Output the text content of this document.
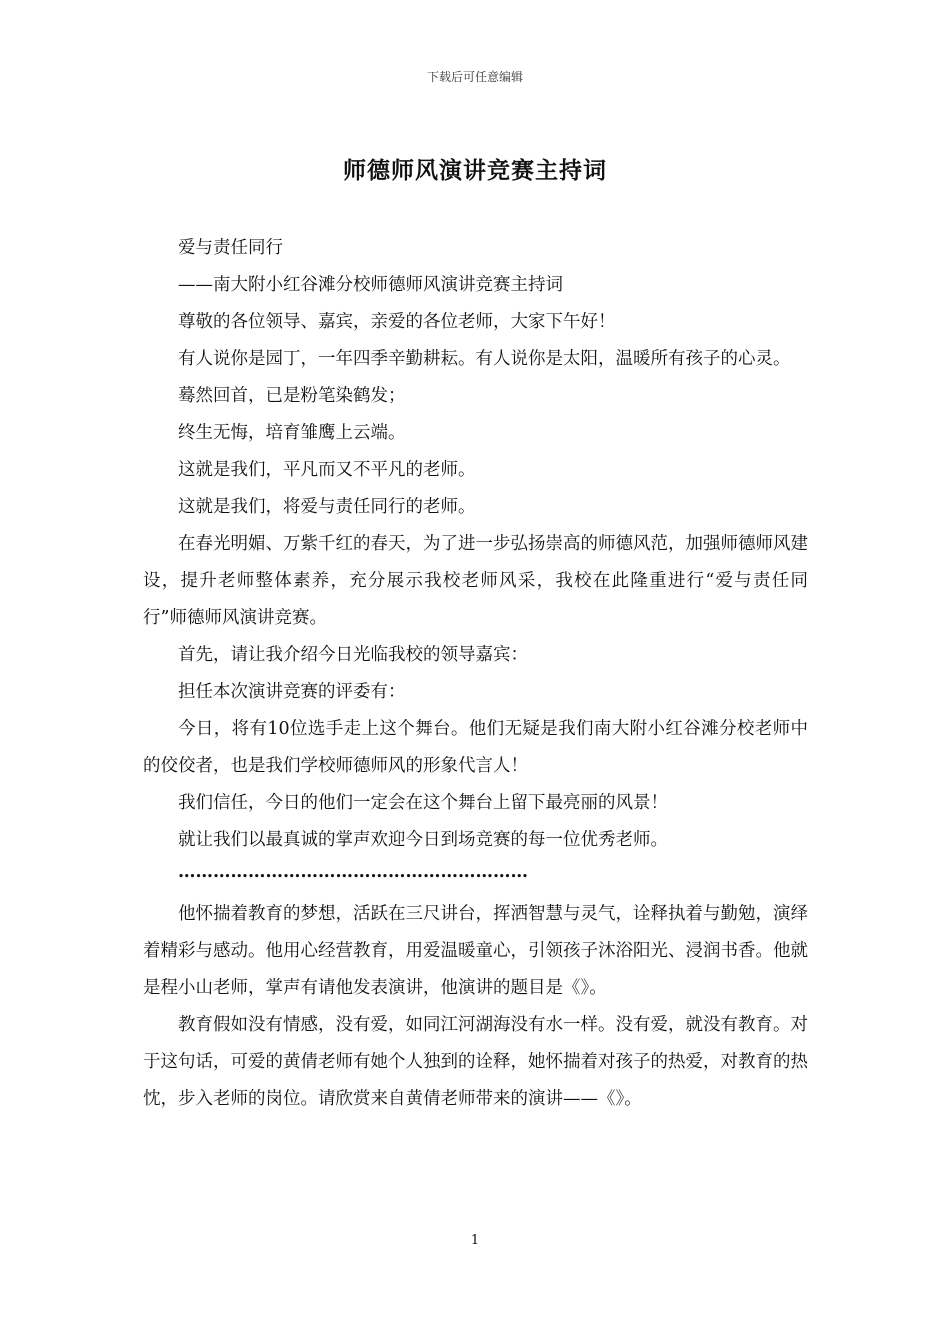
下载后可任意编辑
师德师风演讲竞赛主持词

爱与责任同行

——南大附小红谷滩分校师德师风演讲竞赛主持词

尊敬的各位领导、嘉宾，亲爱的各位老师，大家下午好！

有人说你是园丁，一年四季辛勤耕耘。有人说你是太阳，温暖所有孩子的心灵。

蓦然回首，已是粉笔染鹤发；

终生无悔，培育雏鹰上云端。

这就是我们，平凡而又不平凡的老师。

这就是我们，将爱与责任同行的老师。

在春光明媚、万紫千红的春天，为了进一步弘扬崇高的师德风范，加强师德师风建设，提升老师整体素养，充分展示我校老师风采，我校在此隆重进行“爱与责任同行”师德师风演讲竞赛。

首先，请让我介绍今日光临我校的领导嘉宾：

担任本次演讲竞赛的评委有：

今日，将有10位选手走上这个舞台。他们无疑是我们南大附小红谷滩分校老师中的佼佼者，也是我们学校师德师风的形象代言人！

我们信任，今日的他们一定会在这个舞台上留下最亮丽的风景！

就让我们以最真诚的掌声欢迎今日到场竞赛的每一位优秀老师。

……………………………………………………

他怀揣着教育的梦想，活跃在三尺讲台，挥洒智慧与灵气，诠释执着与勤勉，演绎着精彩与感动。他用心经营教育，用爱温暖童心，引领孩子沐浴阳光、浸润书香。他就是程小山老师，掌声有请他发表演讲，他演讲的题目是《》。

教育假如没有情感，没有爱，如同江河湖海没有水一样。没有爱，就没有教育。对于这句话，可爱的黄倩老师有她个人独到的诠释，她怀揣着对孩子的热爱，对教育的热忱，步入老师的岗位。请欣赏来自黄倩老师带来的演讲——《》。

1
